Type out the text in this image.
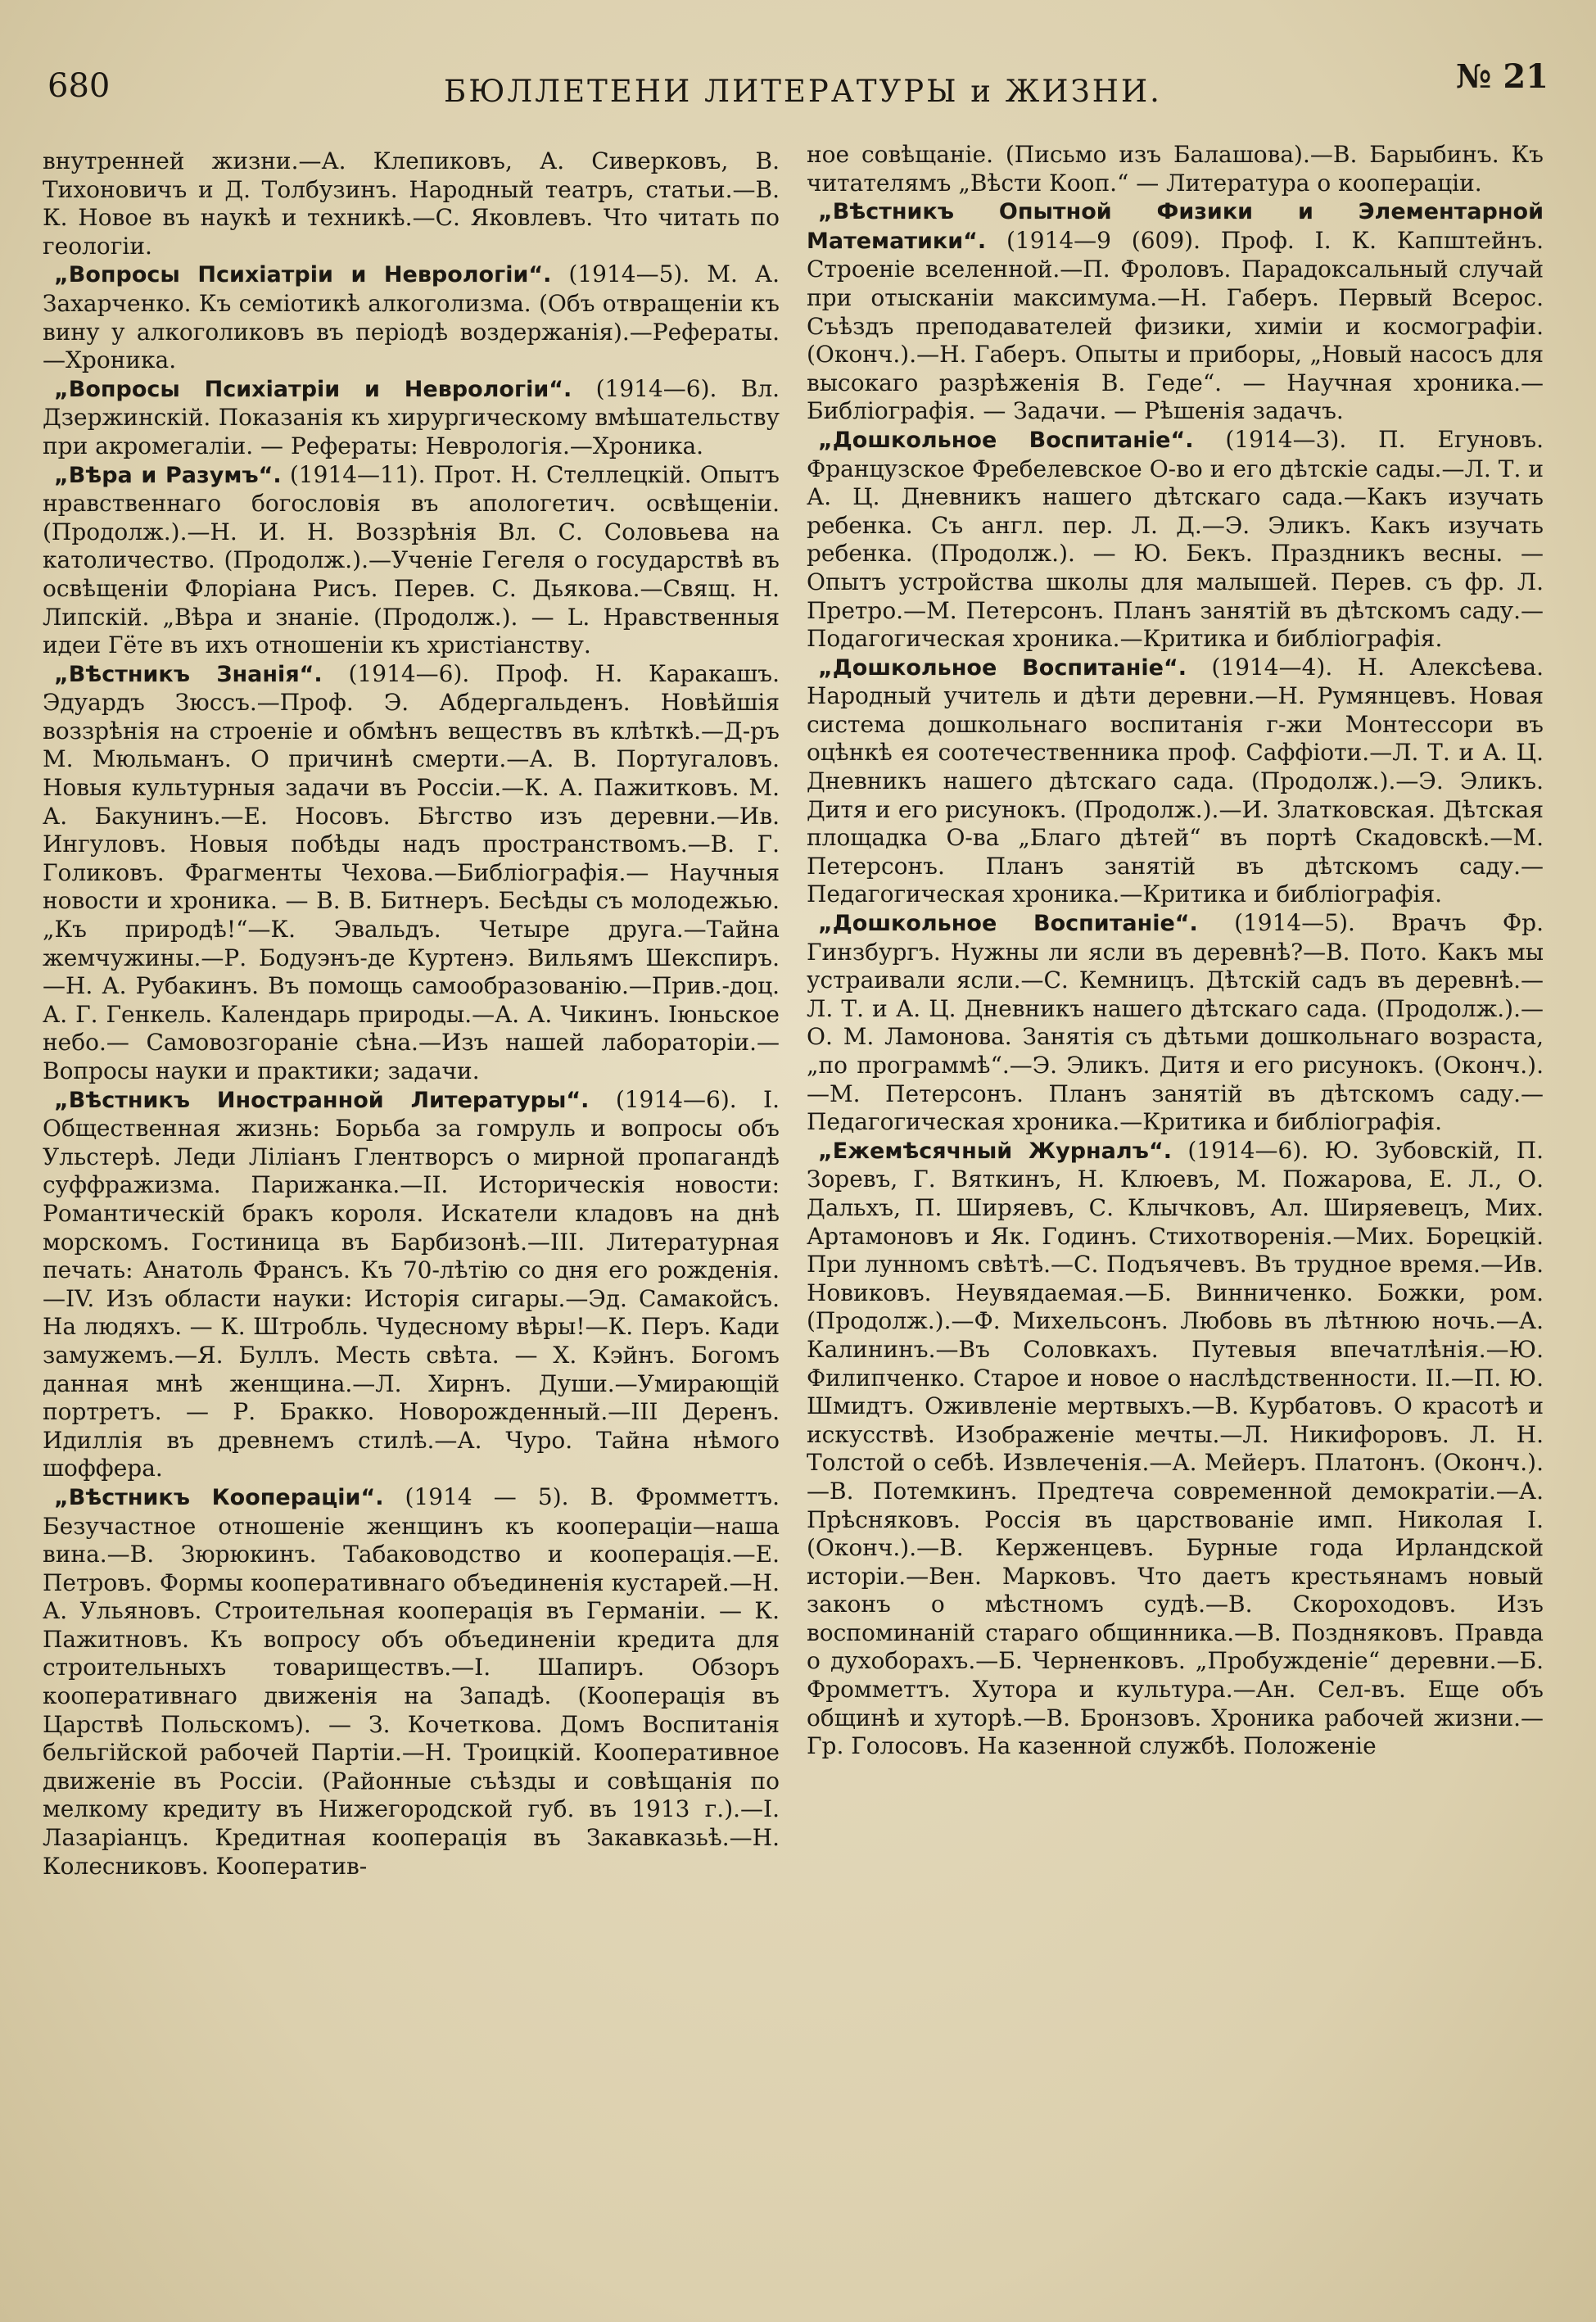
680	БЮЛЛЕТЕНИ ЛИТЕРАТУРЫ и ЖИЗНИ.	№ 21

внутренней жизни.—А. Клепиковъ, А. Сиверковъ, В. Тихоновичъ и Д. Толбузинъ. Народный театръ, статьи.—В. К. Новое въ наукѣ и техникѣ.—С. Яковлевъ. Что читать по геологіи.

„Вопросы Психіатріи и Неврологіи“. (1914—5). М. А. Захарченко. Къ семіотикѣ алкоголизма. (Объ отвращеніи къ вину у алкоголиковъ въ періодѣ воздержанія).—Рефераты.—Хроника.

„Вопросы Психіатріи и Неврологіи“. (1914—6). Вл. Дзержинскій. Показанія къ хирургическому вмѣшательству при акромегаліи. — Рефераты: Неврологія.—Хроника.

„Вѣра и Разумъ“. (1914—11). Прот. Н. Стеллецкій. Опытъ нравственнаго богословія въ апологетич. освѣщеніи. (Продолж.).—Н. И. Н. Воззрѣнія Вл. С. Соловьева на католичество. (Продолж.).—Ученіе Гегеля о государствѣ въ освѣщеніи Флоріана Рисъ. Перев. С. Дьякова.—Свящ. Н. Липскій. „Вѣра и знаніе. (Продолж.). — L. Нравственныя идеи Гёте въ ихъ отношеніи къ христіанству.

„Вѣстникъ Знанія“. (1914—6). Проф. Н. Каракашъ. Эдуардъ Зюссъ.—Проф. Э. Абдергальденъ. Новѣйшія воззрѣнія на строеніе и обмѣнъ веществъ въ клѣткѣ.—Д-ръ М. Мюльманъ. О причинѣ смерти.—А. В. Португаловъ. Новыя культурныя задачи въ Россіи.—К. А. Пажитковъ. М. А. Бакунинъ.—Е. Носовъ. Бѣгство изъ деревни.—Ив. Ингуловъ. Новыя побѣды надъ пространствомъ.—В. Г. Голиковъ. Фрагменты Чехова.—Библіографія.— Научныя новости и хроника. — В. В. Битнеръ. Бесѣды съ молодежью. „Къ природѣ!“—К. Эвальдъ. Четыре друга.—Тайна жемчужины.—Р. Бодуэнъ-де Куртенэ. Вильямъ Шекспиръ.—Н. А. Рубакинъ. Въ помощь самообразованію.—Прив.-доц. А. Г. Генкель. Календарь природы.—А. А. Чикинъ. Іюньское небо.— Самовозгораніе сѣна.—Изъ нашей лабораторіи.—Вопросы науки и практики; задачи.

„Вѣстникъ Иностранной Литературы“. (1914—6). I. Общественная жизнь: Борьба за гомруль и вопросы объ Ульстерѣ. Леди Ліліанъ Глентворсъ о мирной пропагандѣ суффражизма. Парижанка.—II. Историческія новости: Романтическій бракъ короля. Искатели кладовъ на днѣ морскомъ. Гостиница въ Барбизонѣ.—III. Литературная печать: Анатоль Франсъ. Къ 70-лѣтію со дня его рожденія.—IV. Изъ области науки: Исторія сигары.—Эд. Самакойсъ. На людяхъ. — К. Штробль. Чудесному вѣры!—К. Перъ. Кади замужемъ.—Я. Буллъ. Месть свѣта. — Х. Кэйнъ. Богомъ данная мнѣ женщина.—Л. Хирнъ. Души.—Умирающій портретъ. — Р. Бракко. Новорожденный.—III Деренъ. Идиллія въ древнемъ стилѣ.—А. Чуро. Тайна нѣмого шоффера.

„Вѣстникъ Кооперацiи“. (1914 — 5). В. Фромметтъ. Безучастное отношеніе женщинъ къ кооперацiи—наша вина.—В. Зюрюкинъ. Табаководство и кооперація.—Е. Петровъ. Формы кооперативнаго объединенія кустарей.—Н. А. Ульяновъ. Строительная кооперація въ Германіи. — К. Пажитновъ. Къ вопросу объ объединеніи кредита для строительныхъ товариществъ.—I. Шапиръ. Обзоръ кооперативнаго движенія на Западѣ. (Кооперація въ Царствѣ Польскомъ). — З. Кочеткова. Домъ Воспитанія бельгійской рабочей Партіи.—Н. Троицкій. Кооперативное движеніе въ Россіи. (Районные съѣзды и совѣщанія по мелкому кредиту въ Нижегородской губ. въ 1913 г.).—I. Лазаріанцъ. Кредитная кооперація въ Закавказьѣ.—Н. Колесниковъ. Кооператив-

ное совѣщаніе. (Письмо изъ Балашова).—В. Барыбинъ. Къ читателямъ „Вѣсти Кооп.“ — Литература о кооперацiи.

„Вѣстникъ Опытной Физики и Элементарной Математики“. (1914—9 (609). Проф. I. К. Капштейнъ. Строеніе вселенной.—П. Фроловъ. Парадоксальный случай при отысканіи максимума.—Н. Габеръ. Первый Всерос. Съѣздъ преподавателей физики, химіи и космографіи. (Оконч.).—Н. Габеръ. Опыты и приборы, „Новый насосъ для высокаго разрѣженія В. Геде“. — Научная хроника.—Библіографія. — Задачи. — Рѣшенія задачъ.

„Дошкольное Воспитаніе“. (1914—3). П. Егуновъ. Французское Фребелевское О-во и его дѣтскіе сады.—Л. Т. и А. Ц. Дневникъ нашего дѣтскаго сада.—Какъ изучать ребенка. Съ англ. пер. Л. Д.—Э. Эликъ. Какъ изучать ребенка. (Продолж.). — Ю. Бекъ. Праздникъ весны. — Опытъ устройства школы для малышей. Перев. съ фр. Л. Претро.—М. Петерсонъ. Планъ занятій въ дѣтскомъ саду.—Подагогическая хроника.—Критика и библіографія.

„Дошкольное Воспитаніе“. (1914—4). Н. Алексѣева. Народный учитель и дѣти деревни.—Н. Румянцевъ. Новая система дошкольнаго воспитанія г-жи Монтессори въ оцѣнкѣ ея соотечественника проф. Саффіоти.—Л. Т. и А. Ц. Дневникъ нашего дѣтскаго сада. (Продолж.).—Э. Эликъ. Дитя и его рисунокъ. (Продолж.).—И. Златковская. Дѣтская площадка О-ва „Благо дѣтей“ въ портѣ Скадовскѣ.—М. Петерсонъ. Планъ занятій въ дѣтскомъ саду.—Педагогическая хроника.—Критика и библіографія.

„Дошкольное Воспитаніе“. (1914—5). Врачъ Фр. Гинзбургъ. Нужны ли ясли въ деревнѣ?—В. Пото. Какъ мы устраивали ясли.—С. Кемницъ. Дѣтскій садъ въ деревнѣ.—Л. Т. и А. Ц. Дневникъ нашего дѣтскаго сада. (Продолж.).—О. М. Ламонова. Занятія съ дѣтьми дошкольнаго возраста, „по программѣ“.—Э. Эликъ. Дитя и его рисунокъ. (Оконч.).—М. Петерсонъ. Планъ занятій въ дѣтскомъ саду.—Педагогическая хроника.—Критика и библіографія.

„Ежемѣсячный Журналъ“. (1914—6). Ю. Зубовскій, П. Зоревъ, Г. Вяткинъ, Н. Клюевъ, М. Пожарова, Е. Л., О. Дальхъ, П. Ширяевъ, С. Клычковъ, Ал. Ширяевецъ, Мих. Артамоновъ и Як. Годинъ. Стихотворенія.—Мих. Борецкій. При лунномъ свѣтѣ.—С. Подъячевъ. Въ трудное время.—Ив. Новиковъ. Неувядаемая.—Б. Винниченко. Божки, ром. (Продолж.).—Ф. Михельсонъ. Любовь въ лѣтнюю ночь.—А. Калининъ.—Въ Соловкахъ. Путевыя впечатлѣнія.—Ю. Филипченко. Старое и новое о наслѣдственности. II.—П. Ю. Шмидтъ. Оживленіе мертвыхъ.—В. Курбатовъ. О красотѣ и искусствѣ. Изображеніе мечты.—Л. Никифоровъ. Л. Н. Толстой о себѣ. Извлеченія.—А. Мейеръ. Платонъ. (Оконч.).—В. Потемкинъ. Предтеча современной демократіи.—А. Прѣсняковъ. Россія въ царствованіе имп. Николая I. (Оконч.).—В. Керженцевъ. Бурные года Ирландской исторіи.—Вен. Марковъ. Что даетъ крестьянамъ новый законъ о мѣстномъ судѣ.—В. Скороходовъ. Изъ воспоминаній стараго общинника.—В. Поздняковъ. Правда о духоборахъ.—Б. Черненковъ. „Пробужденіе“ деревни.—Б. Фромметтъ. Хутора и культура.—Ан. Сел-въ. Еще объ общинѣ и хуторѣ.—В. Бронзовъ. Хроника рабочей жизни.—Гр. Голосовъ. На казенной службѣ. Положеніе
